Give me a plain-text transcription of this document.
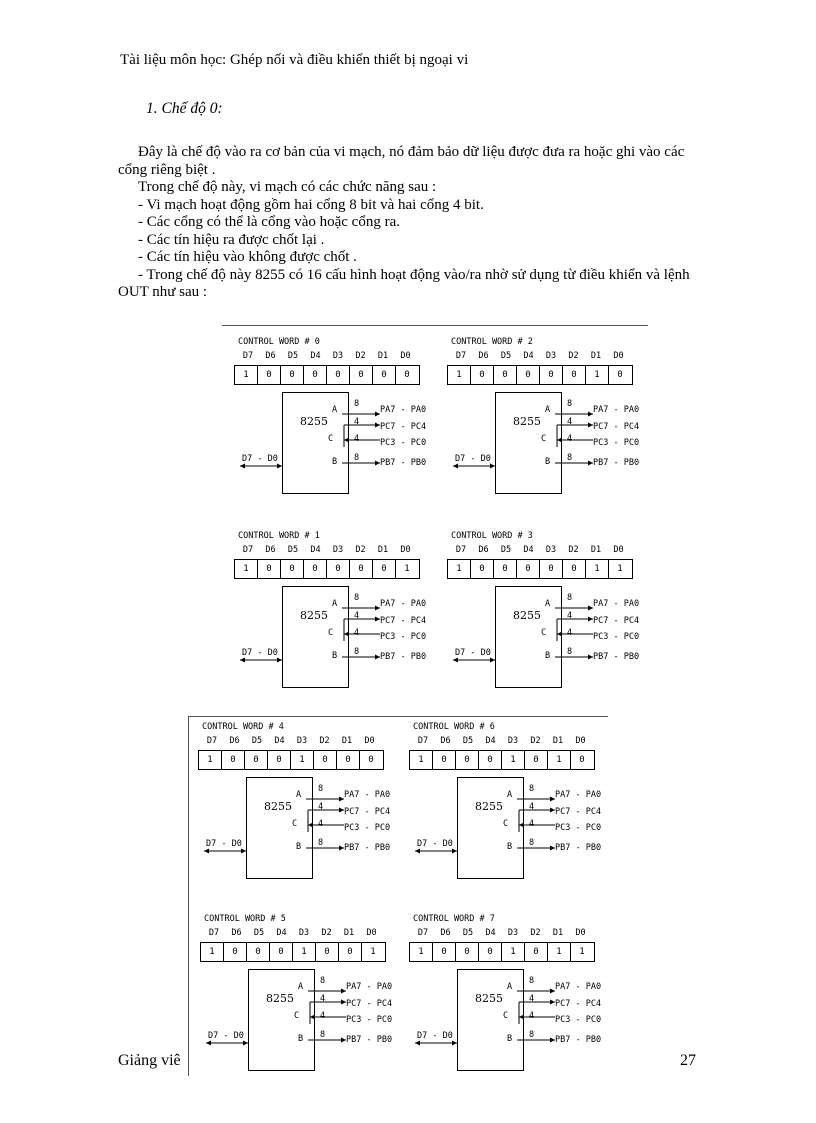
Tài liệu môn học: Ghép nối và điều khiển thiết bị ngoại vi
1. Chế độ 0:

Đây là chế độ vào ra cơ bản của vi mạch, nó đảm bảo dữ liệu được đưa ra hoặc ghi vào các cổng riêng biệt .

Trong chế độ này, vi mạch có các chức năng sau :

- Vi mạch hoạt động gồm hai cổng 8 bit và hai cổng 4 bit.

- Các cổng có thể là cổng vào hoặc cổng ra.

- Các tín hiệu ra được chốt lại .

- Các tín hiệu vào không được chốt .

- Trong chế độ này 8255 có 16 cấu hình hoạt động vào/ra nhờ sử dụng từ điều khiển và lệnh OUT như sau :

CONTROL WORD # 0
D7	D6	D5	D4	D3	D2	D1	D0
1	0	0	0	0	0	0	0
8255
A
C
B
8
4
4
8
PA7 - PA0
PC7 - PC4
PC3 - PC0
PB7 - PB0
D7 - D0
CONTROL WORD # 2
D7	D6	D5	D4	D3	D2	D1	D0
1	0	0	0	0	0	1	0
8255
A
C
B
8
4
4
8
PA7 - PA0
PC7 - PC4
PC3 - PC0
PB7 - PB0
D7 - D0
CONTROL WORD # 1
D7	D6	D5	D4	D3	D2	D1	D0
1	0	0	0	0	0	0	1
8255
A
C
B
8
4
4
8
PA7 - PA0
PC7 - PC4
PC3 - PC0
PB7 - PB0
D7 - D0
CONTROL WORD # 3
D7	D6	D5	D4	D3	D2	D1	D0
1	0	0	0	0	0	1	1
8255
A
C
B
8
4
4
8
PA7 - PA0
PC7 - PC4
PC3 - PC0
PB7 - PB0
D7 - D0
CONTROL WORD # 4
D7	D6	D5	D4	D3	D2	D1	D0
1	0	0	0	1	0	0	0
8255
A
C
B
8
4
4
8
PA7 - PA0
PC7 - PC4
PC3 - PC0
PB7 - PB0
D7 - D0
CONTROL WORD # 6
D7	D6	D5	D4	D3	D2	D1	D0
1	0	0	0	1	0	1	0
8255
A
C
B
8
4
4
8
PA7 - PA0
PC7 - PC4
PC3 - PC0
PB7 - PB0
D7 - D0
CONTROL WORD # 5
D7	D6	D5	D4	D3	D2	D1	D0
1	0	0	0	1	0	0	1
8255
A
C
B
8
4
4
8
PA7 - PA0
PC7 - PC4
PC3 - PC0
PB7 - PB0
D7 - D0
CONTROL WORD # 7
D7	D6	D5	D4	D3	D2	D1	D0
1	0	0	0	1	0	1	1
8255
A
C
B
8
4
4
8
PA7 - PA0
PC7 - PC4
PC3 - PC0
PB7 - PB0
D7 - D0
Giảng viê	27
